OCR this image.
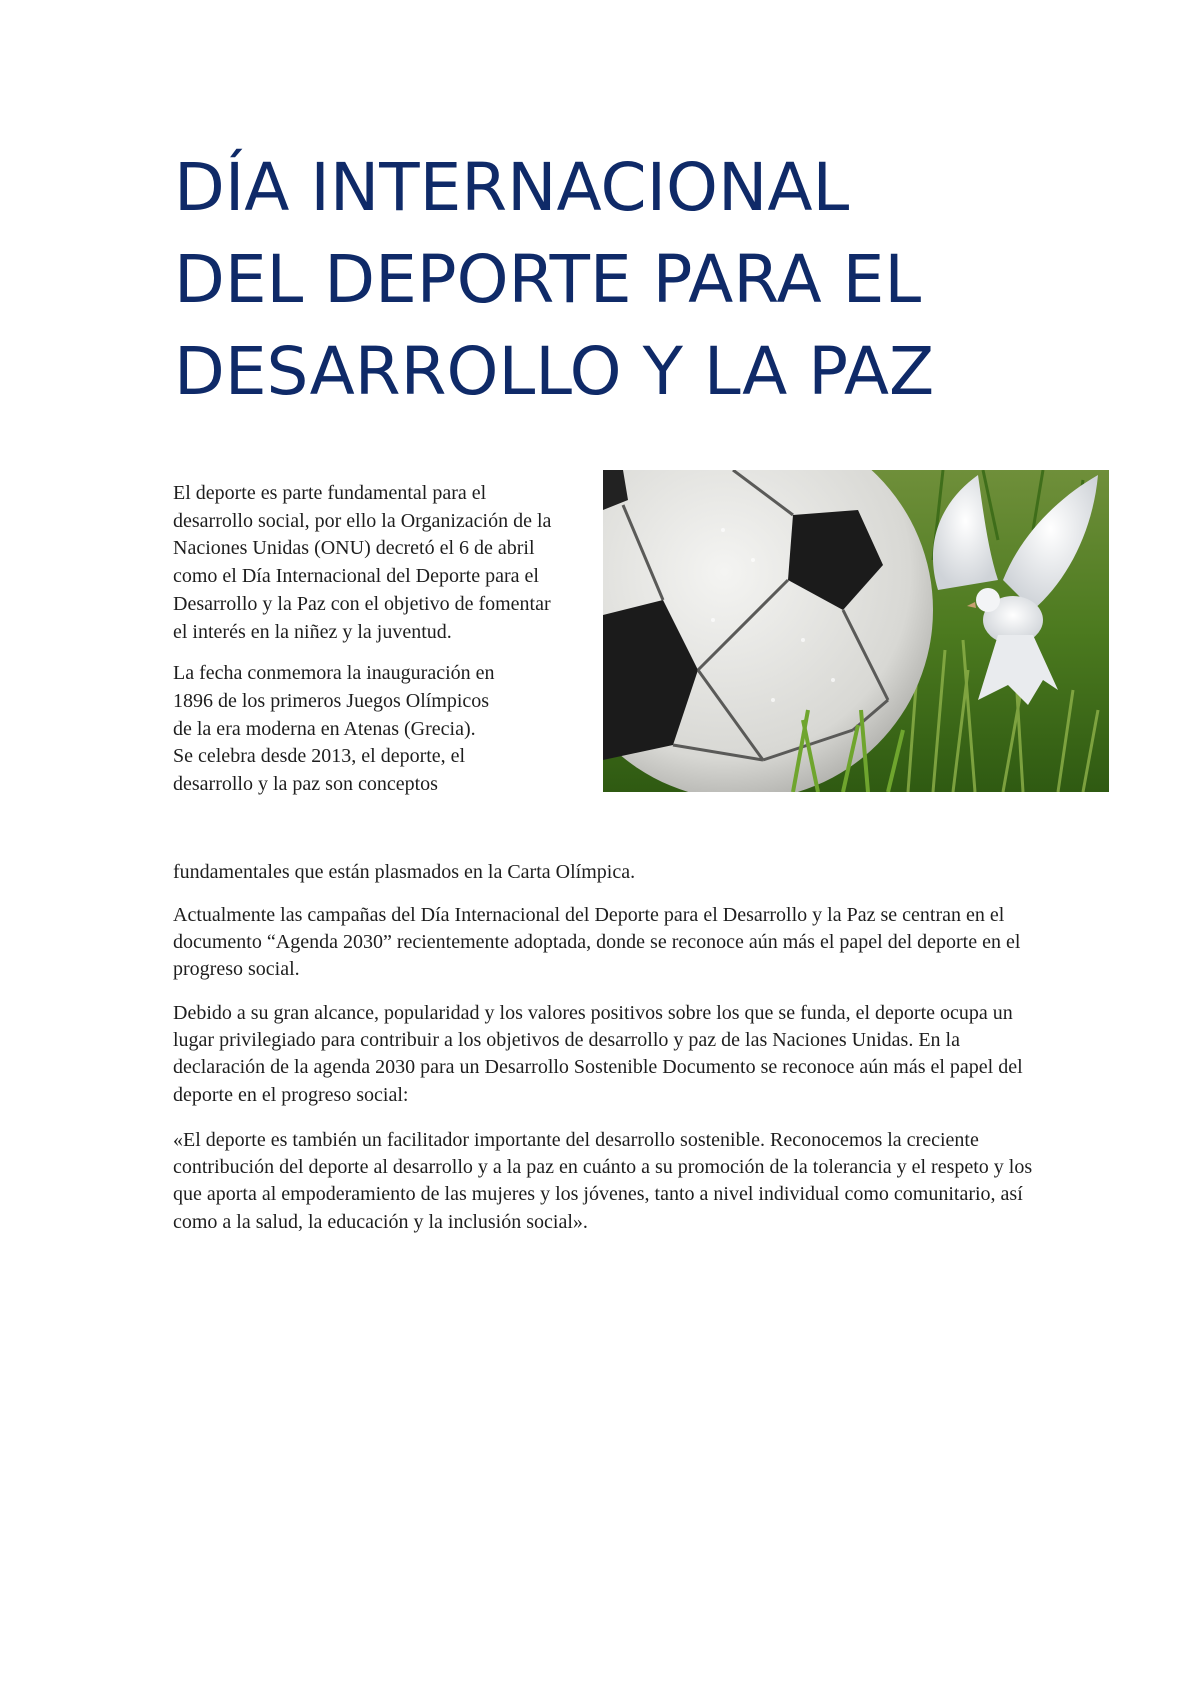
DÍA INTERNACIONAL
DEL DEPORTE PARA EL
DESARROLLO Y LA PAZ

El deporte es parte fundamental para el desarrollo social, por ello la Organización de la Naciones Unidas (ONU) decretó el 6 de abril como el Día Internacional del Deporte para el Desarrollo y la Paz con el objetivo de fomentar el interés en la niñez y la juventud.

La fecha conmemora la inauguración en
1896 de los primeros Juegos Olímpicos
de la era moderna en Atenas (Grecia).
Se celebra desde 2013, el deporte, el
desarrollo y la paz son conceptos

fundamentales que están plasmados en la Carta Olímpica.

Actualmente las campañas del Día Internacional del Deporte para el Desarrollo y la Paz se centran en el documento “Agenda 2030” recientemente adoptada, donde se reconoce aún más el papel del deporte en el progreso social.

Debido a su gran alcance, popularidad y los valores positivos sobre los que se funda, el deporte ocupa un lugar privilegiado para contribuir a los objetivos de desarrollo y paz de las Naciones Unidas. En la declaración de la agenda 2030 para un Desarrollo Sostenible Documento se reconoce aún más el papel del deporte en el progreso social:

«El deporte es también un facilitador importante del desarrollo sostenible. Reconocemos la creciente contribución del deporte al desarrollo y a la paz en cuánto a su promoción de la tolerancia y el respeto y los que aporta al empoderamiento de las mujeres y los jóvenes, tanto a nivel individual como comunitario, así como a la salud, la educación y la inclusión social».
